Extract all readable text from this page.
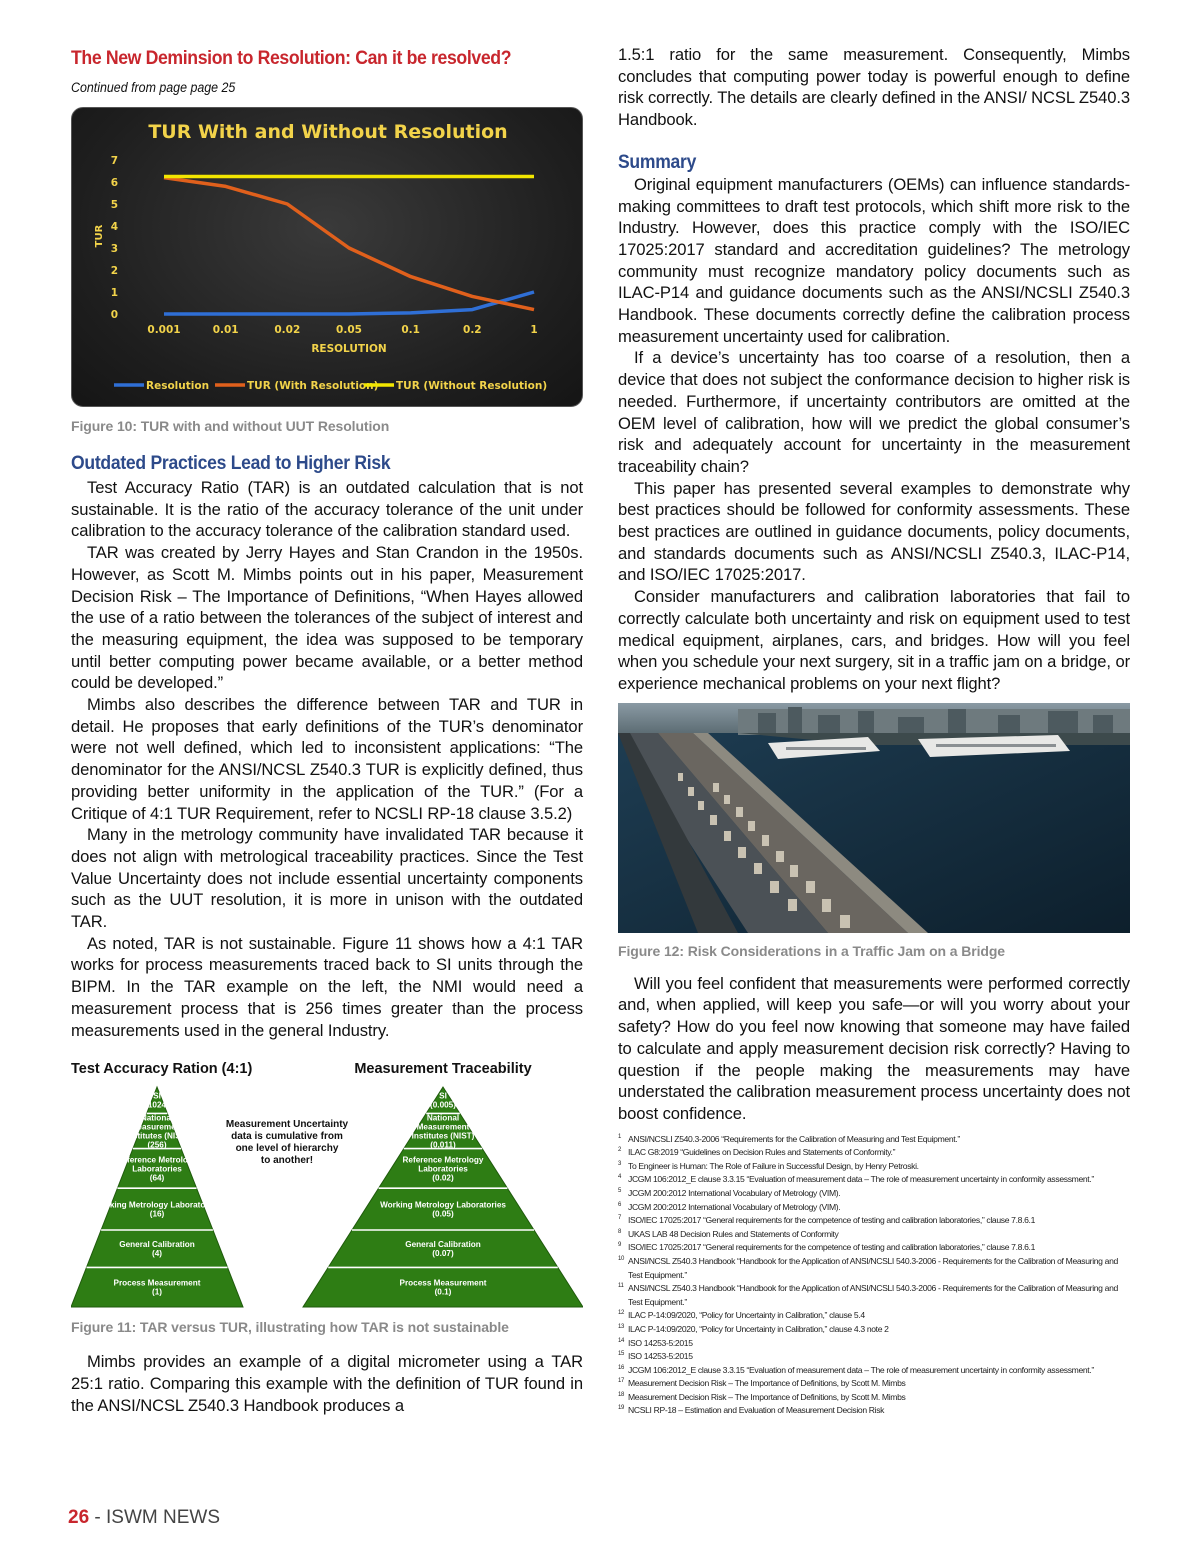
The New Deminsion to Resolution: Can it be resolved?
Continued from page page 25
TUR With and Without Resolution
0
1
2
3
4
5
6
7
TUR
0.001	0.01	0.02	0.05	0.1	0.2	1
RESOLUTION
Resolution	TUR (With Resolution) TUR (Without Resolution)
Figure 10: TUR with and without UUT Resolution
Outdated Practices Lead to Higher Risk

Test Accuracy Ratio (TAR) is an outdated calculation that is not sustainable. It is the ratio of the accuracy tolerance of the unit under calibration to the accuracy tolerance of the calibration standard used.

TAR was created by Jerry Hayes and Stan Crandon in the 1950s. However, as Scott M. Mimbs points out in his paper, Measurement Decision Risk – The Importance of Definitions, “When Hayes allowed the use of a ratio between the tolerances of the subject of interest and the measuring equipment, the idea was supposed to be temporary until better computing power became available, or a better method could be developed.”

Mimbs also describes the difference between TAR and TUR in detail. He proposes that early definitions of the TUR’s denominator were not well defined, which led to inconsistent applications: “The denominator for the ANSI/NCSL Z540.3 TUR is explicitly defined, thus providing better uniformity in the application of the TUR.” (For a Critique of 4:1 TUR Requirement, refer to NCSLI RP-18 clause 3.5.2)

Many in the metrology community have invalidated TAR because it does not align with metrological traceability practices. Since the Test Value Uncertainty does not include essential uncertainty components such as the UUT resolution, it is more in unison with the outdated TAR.

As noted, TAR is not sustainable. Figure 11 shows how a 4:1 TAR works for process measurements traced back to SI units through the BIPM. In the TAR example on the left, the NMI would need a measurement process that is 256 times greater than the process measurements used in the general Industry.

Test Accuracy Ration (4:1)
SI (1024)
National Measurement Institutes (NIST) (256)
Reference Metrology Laboratories (64)
Working Metrology Laboratories (16)
General Calibration (4)
Process Measurement (1)
Measurement Traceability
SI (0.005)
National Measurement Institutes (NIST) (0.011)
Reference Metrology Laboratories (0.02)
Working Metrology Laboratories (0.05)
General Calibration (0.07)
Process Measurement (0.1)
Measurement Uncertainty data is cumulative from one level of hierarchy to another!
Figure 11: TAR versus TUR, illustrating how TAR is not sustainable

Mimbs provides an example of a digital micrometer using a TAR 25:1 ratio. Comparing this example with the definition of TUR found in the ANSI/NCSL Z540.3 Handbook produces a

1.5:1 ratio for the same measurement. Consequently, Mimbs concludes that computing power today is powerful enough to define risk correctly. The details are clearly defined in the ANSI/ NCSL Z540.3 Handbook.

Summary

Original equipment manufacturers (OEMs) can influence standards-making committees to draft test protocols, which shift more risk to the Industry. However, does this practice comply with the ISO/IEC 17025:2017 standard and accreditation guidelines? The metrology community must recognize mandatory policy documents such as ILAC-P14 and guidance documents such as the ANSI/NCSLI Z540.3 Handbook. These documents correctly define the calibration process measurement uncertainty used for calibration.

If a device’s uncertainty has too coarse of a resolution, then a device that does not subject the conformance decision to higher risk is needed. Furthermore, if uncertainty contributors are omitted at the OEM level of calibration, how will we predict the global consumer’s risk and adequately account for uncertainty in the measurement traceability chain?

This paper has presented several examples to demonstrate why best practices should be followed for conformity assessments. These best practices are outlined in guidance documents, policy documents, and standards documents such as ANSI/NCSLI Z540.3, ILAC-P14, and ISO/IEC 17025:2017.

Consider manufacturers and calibration laboratories that fail to correctly calculate both uncertainty and risk on equipment used to test medical equipment, airplanes, cars, and bridges. How will you feel when you schedule your next surgery, sit in a traffic jam on a bridge, or experience mechanical problems on your next flight?

Figure 12: Risk Considerations in a Traffic Jam on a Bridge

Will you feel confident that measurements were performed correctly and, when applied, will keep you safe—or will you worry about your safety? How do you feel now knowing that someone may have failed to calculate and apply measurement decision risk correctly? Having to question if the people making the measurements may have understated the calibration measurement process uncertainty does not boost confidence.

1 ANSI/NCSLI Z540.3-2006 “Requirements for the Calibration of Measuring and Test Equipment.”
2 ILAC G8:2019 “Guidelines on Decision Rules and Statements of Conformity.”
3 To Engineer is Human: The Role of Failure in Successful Design, by Henry Petroski.
4 JCGM 106:2012_E clause 3.3.15 “Evaluation of measurement data – The role of measurement uncertainty in conformity assessment.”
5 JCGM 200:2012 International Vocabulary of Metrology (VIM).
6 JCGM 200:2012 International Vocabulary of Metrology (VIM).
7 ISO/IEC 17025:2017 “General requirements for the competence of testing and calibration laboratories,” clause 7.8.6.1
8 UKAS LAB 48 Decision Rules and Statements of Conformity
9 ISO/IEC 17025:2017 “General requirements for the competence of testing and calibration laboratories,” clause 7.8.6.1
10 ANSI/NCSL Z540.3 Handbook “Handbook for the Application of ANSI/NCSLI 540.3-2006 - Requirements for the Calibration of Measuring and Test Equipment.”
11 ANSI/NCSL Z540.3 Handbook “Handbook for the Application of ANSI/NCSLI 540.3-2006 - Requirements for the Calibration of Measuring and Test Equipment.”
12 ILAC P-14:09/2020, “Policy for Uncertainty in Calibration,” clause 5.4
13 ILAC P-14:09/2020, “Policy for Uncertainty in Calibration,” clause 4.3 note 2
14 ISO 14253-5:2015
15 ISO 14253-5:2015
16 JCGM 106:2012_E clause 3.3.15 “Evaluation of measurement data – The role of measurement uncertainty in conformity assessment.”
17 Measurement Decision Risk – The Importance of Definitions, by Scott M. Mimbs
18 Measurement Decision Risk – The Importance of Definitions, by Scott M. Mimbs
19 NCSLI RP-18 – Estimation and Evaluation of Measurement Decision Risk
26 - ISWM NEWS
